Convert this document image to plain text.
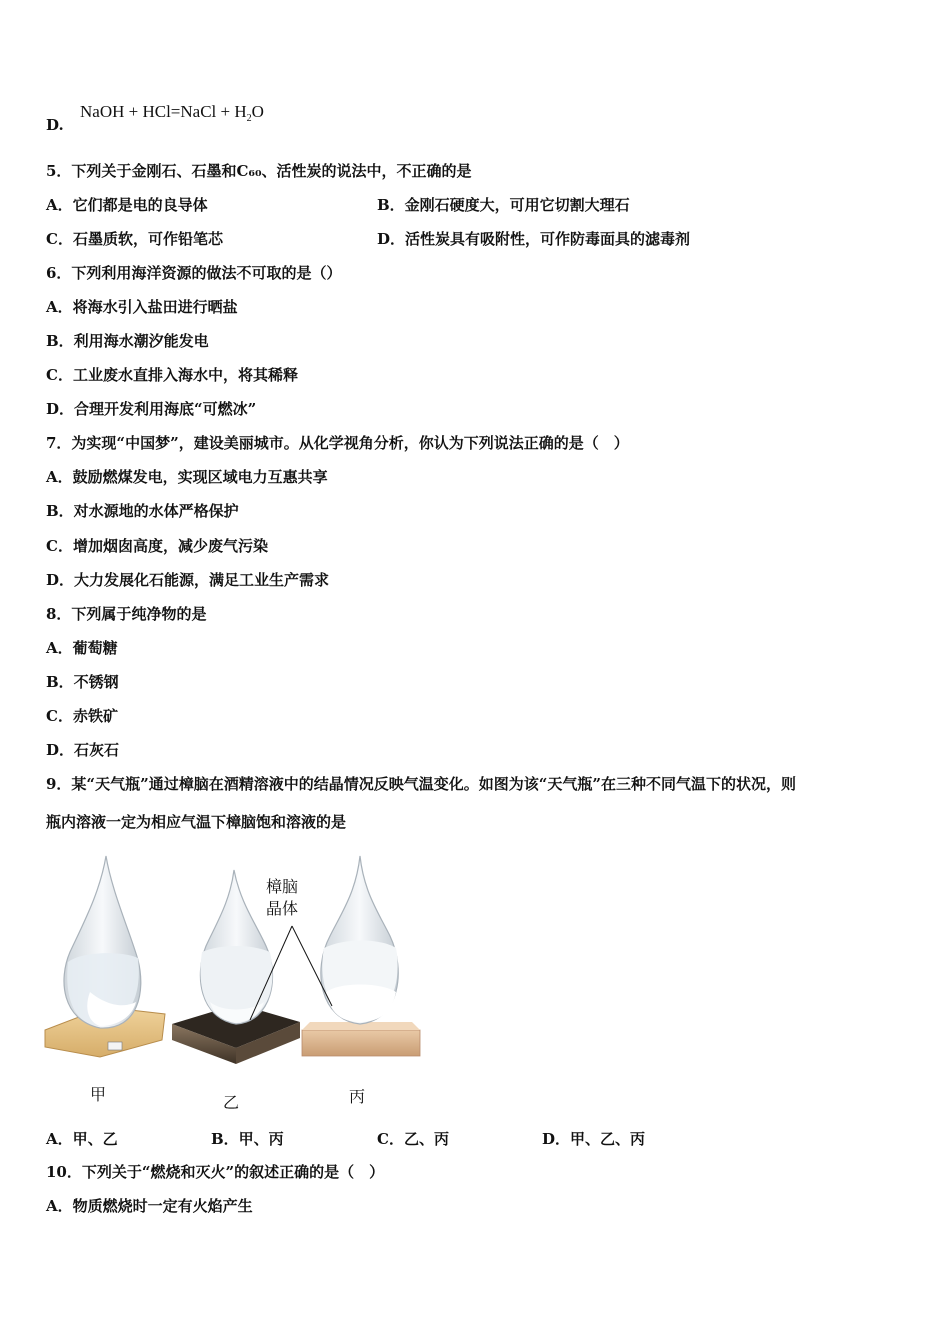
D.
NaOH + HCl=NaCl + $H_2O$
5．下列关于金刚石、石墨和C₆₀、活性炭的说法中，不正确的是
A．它们都是电的良导体	B．金刚石硬度大，可用它切割大理石
C．石墨质软，可作铅笔芯	D．活性炭具有吸附性，可作防毒面具的滤毒剂
6．下列利用海洋资源的做法不可取的是（）
A．将海水引入盐田进行晒盐
B．利用海水潮汐能发电
C．工业废水直排入海水中，将其稀释
D．合理开发利用海底“可燃冰”
7．为实现“中国梦”，建设美丽城市。从化学视角分析，你认为下列说法正确的是（　）
A．鼓励燃煤发电，实现区域电力互惠共享
B．对水源地的水体严格保护
C．增加烟囱高度，减少废气污染
D．大力发展化石能源，满足工业生产需求
8．下列属于纯净物的是
A．葡萄糖
B．不锈钢
C．赤铁矿
D．石灰石
9．某“天气瓶”通过樟脑在酒精溶液中的结晶情况反映气温变化。如图为该“天气瓶”在三种不同气温下的状况，则
瓶内溶液一定为相应气温下樟脑饱和溶液的是
樟脑
晶体
甲	乙	丙
A．甲、乙	B．甲、丙	C．乙、丙	D．甲、乙、丙
10．下列关于“燃烧和灭火”的叙述正确的是（　）
A．物质燃烧时一定有火焰产生
